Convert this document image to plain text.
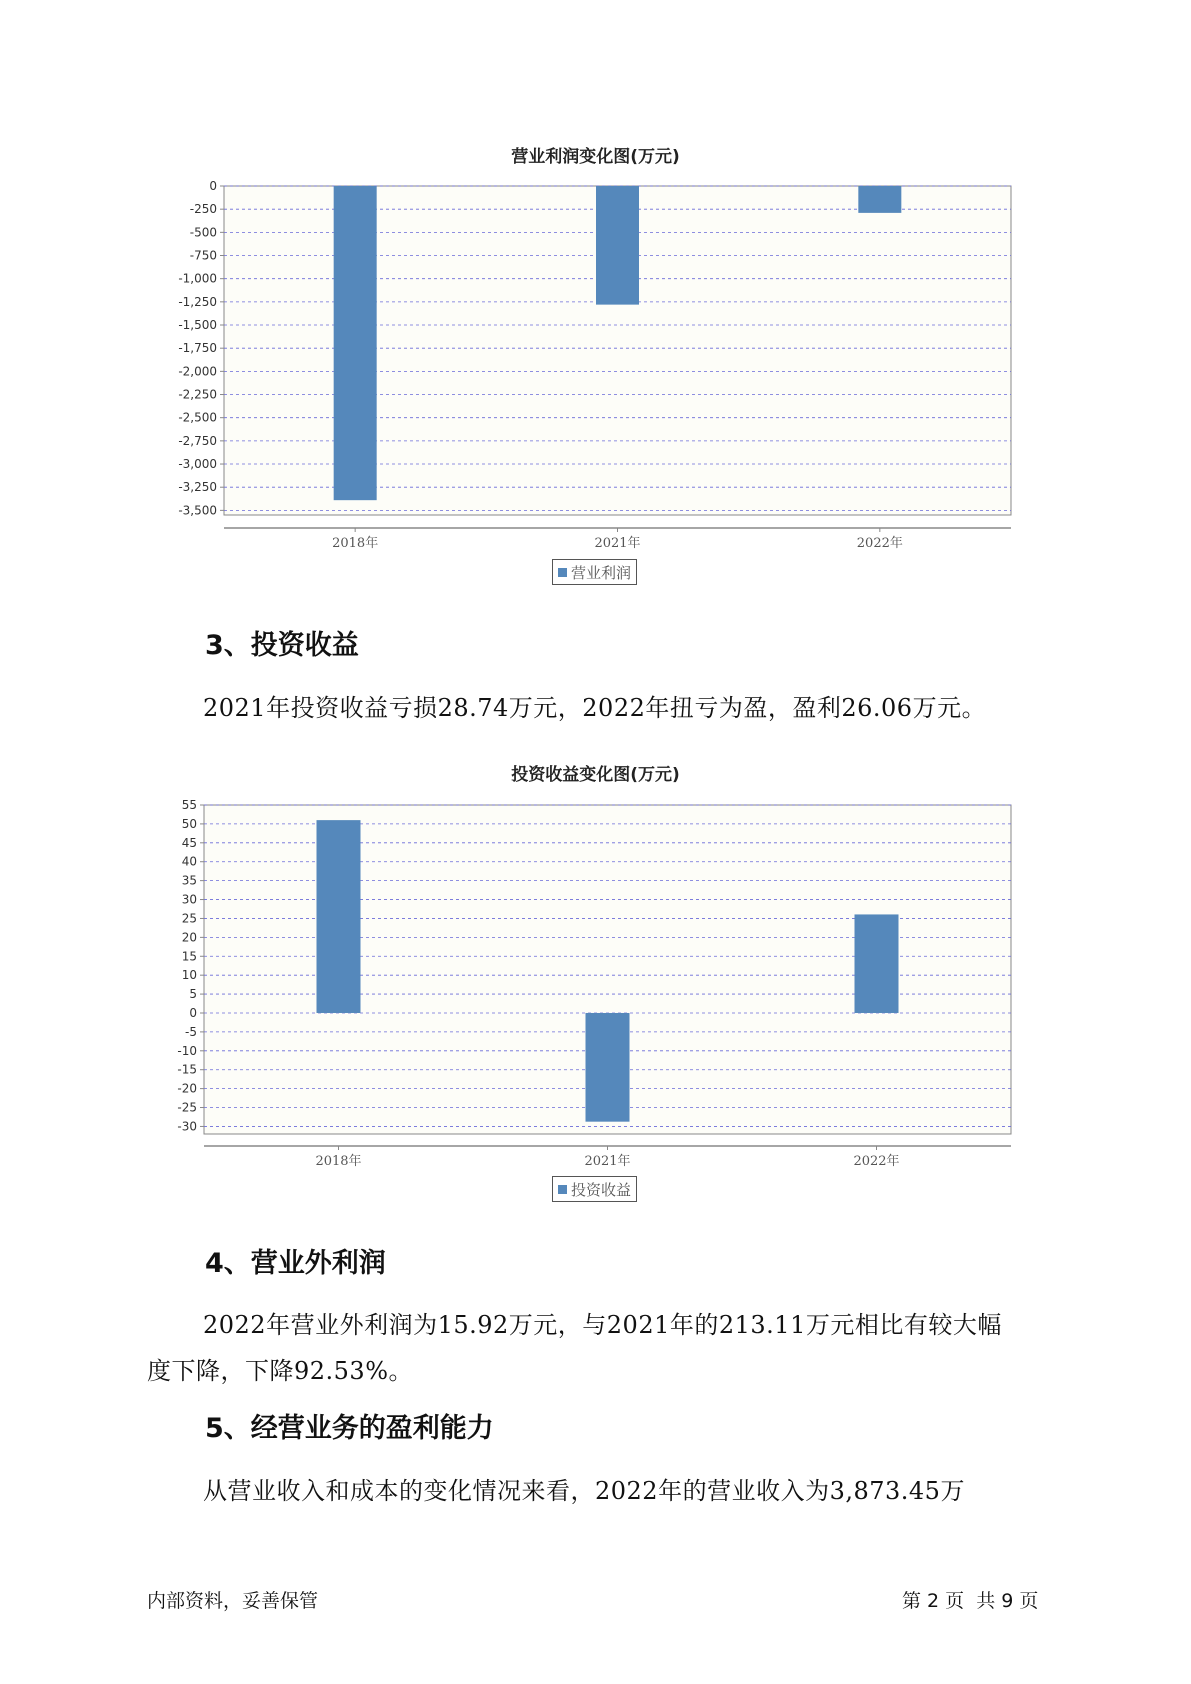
营业利润变化图(万元)
0
-250
-500
-750
-1,000
-1,250
-1,500
-1,750
-2,000
-2,250
-2,500
-2,750
-3,000
-3,250
-3,500
2018年	2021年	2022年
营业利润
3、投资收益
2021年投资收益亏损28.74万元，2022年扭亏为盈，盈利26.06万元。
投资收益变化图(万元)
55
50
45
40
35
30
25
20
15
10
5
0
-5
-10
-15
-20
-25
-30
2018年	2021年	2022年
投资收益
4、营业外利润
2022年营业外利润为15.92万元，与2021年的213.11万元相比有较大幅
度下降，下降92.53%。
5、经营业务的盈利能力
从营业收入和成本的变化情况来看，2022年的营业收入为3,873.45万
内部资料，妥善保管	第 2 页  共 9 页
